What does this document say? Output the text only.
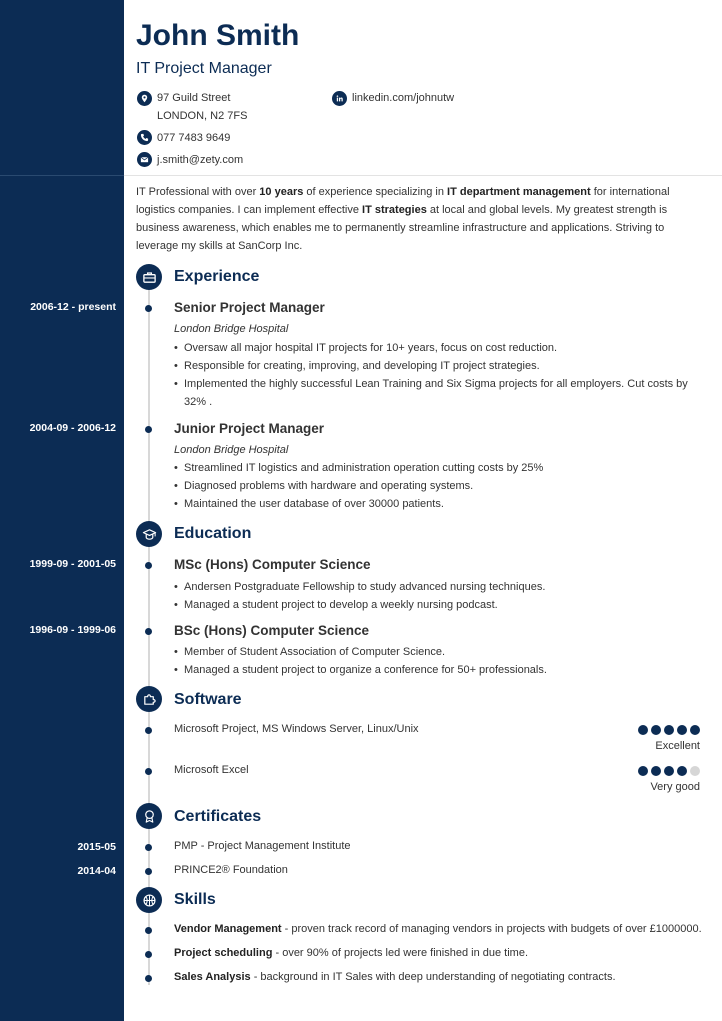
John Smith
IT Project Manager
97 Guild Street
LONDON, N2 7FS
077 7483 9649
j.smith@zety.com
linkedin.com/johnutw

IT Professional with over 10 years of experience specializing in IT department management for international logistics companies. I can implement effective IT strategies at local and global levels. My greatest strength is business awareness, which enables me to permanently streamline infrastructure and applications. Striving to leverage my skills at SanCorp Inc.

Experience
2006-12 - present	Senior Project Manager
London Bridge Hospital
• Oversaw all major hospital IT projects for 10+ years, focus on cost reduction.
• Responsible for creating, improving, and developing IT project strategies.
• Implemented the highly successful Lean Training and Six Sigma projects for all employers. Cut costs by 32% .
2004-09 - 2006-12	Junior Project Manager
London Bridge Hospital
• Streamlined IT logistics and administration operation cutting costs by 25%
• Diagnosed problems with hardware and operating systems.
• Maintained the user database of over 30000 patients.
Education
1999-09 - 2001-05	MSc (Hons) Computer Science
• Andersen Postgraduate Fellowship to study advanced nursing techniques.
• Managed a student project to develop a weekly nursing podcast.
1996-09 - 1999-06	BSc (Hons) Computer Science
• Member of Student Association of Computer Science.
• Managed a student project to organize a conference for 50+ professionals.
Software
Microsoft Project, MS Windows Server, Linux/Unix
Excellent
Microsoft Excel
Very good
Certificates
2015-05	PMP - Project Management Institute
2014-04	PRINCE2® Foundation
Skills
Vendor Management - proven track record of managing vendors in projects with budgets of over £1000000.
Project scheduling - over 90% of projects led were finished in due time.
Sales Analysis - background in IT Sales with deep understanding of negotiating contracts.
